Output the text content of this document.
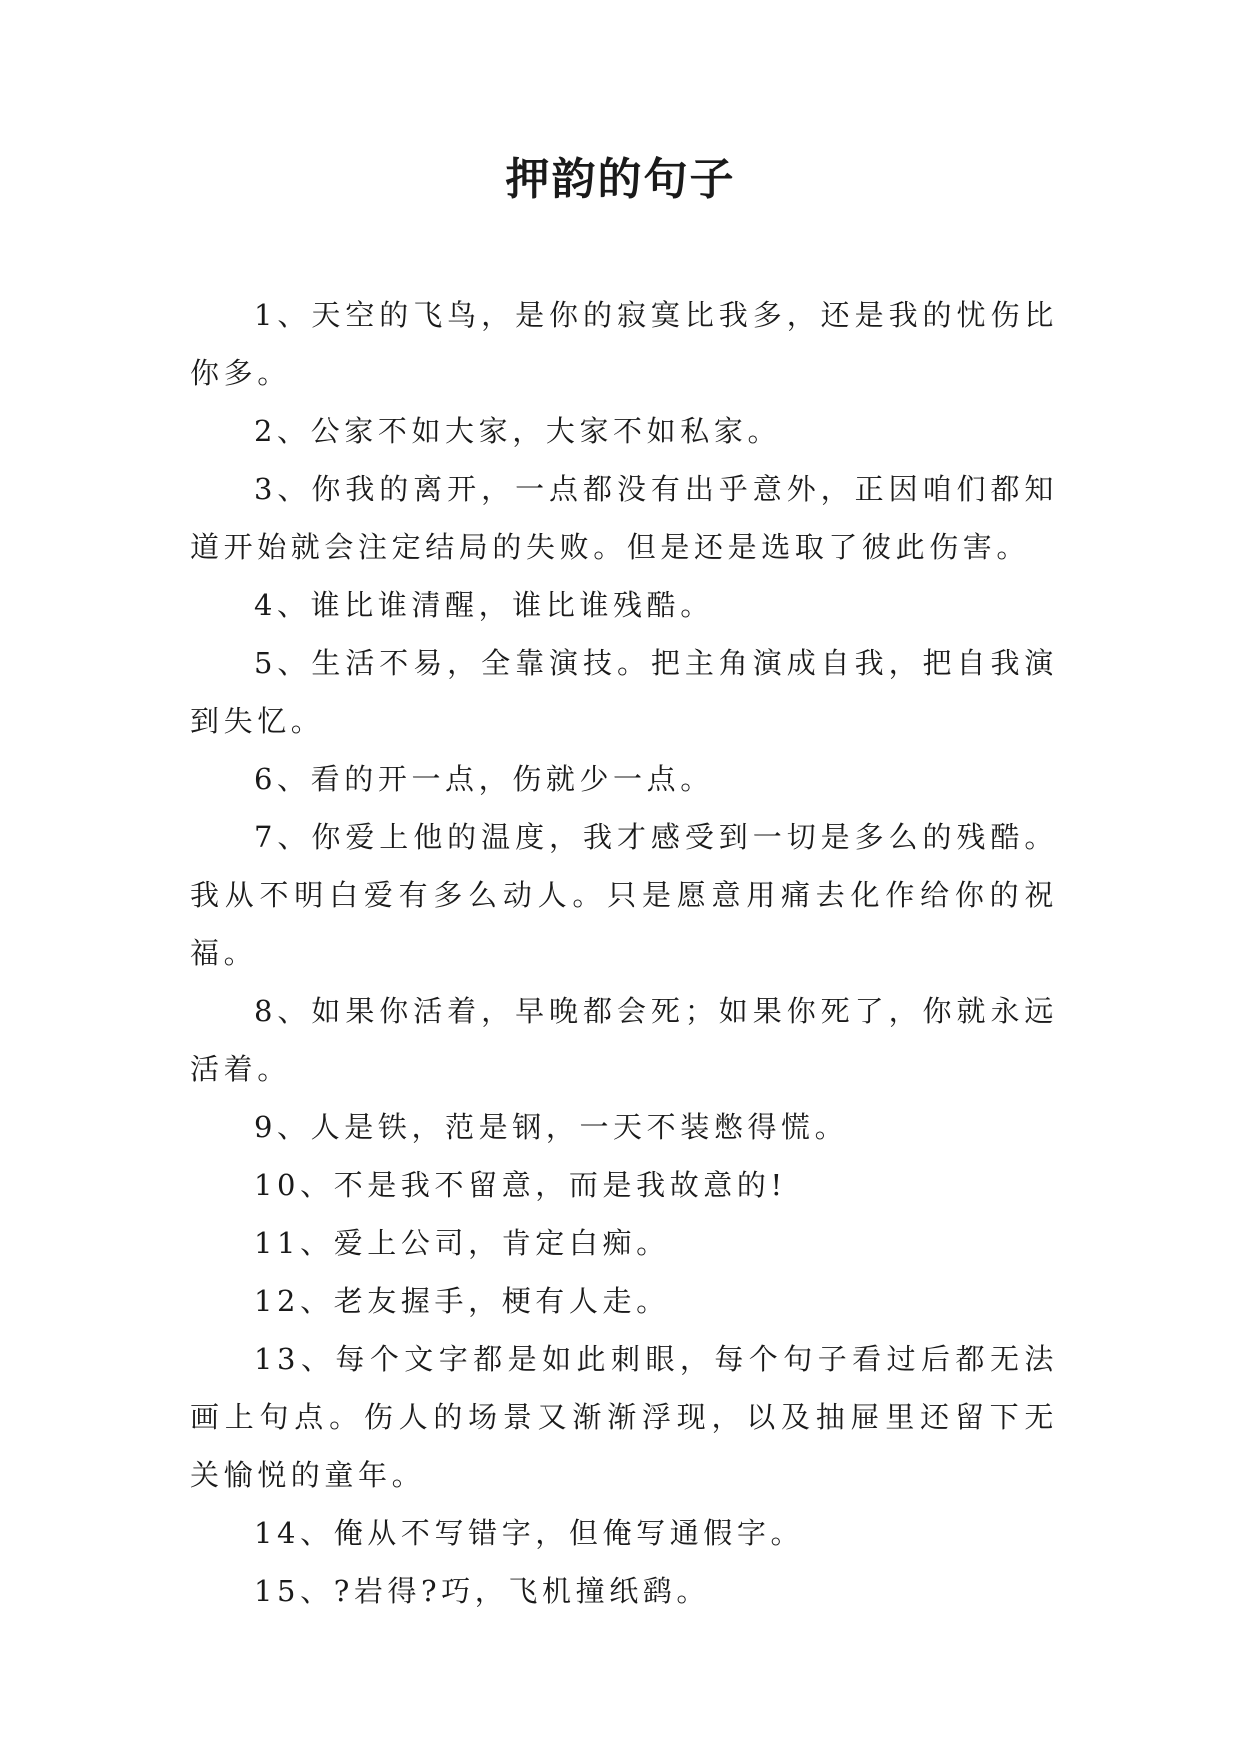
押韵的句子

1、天空的飞鸟，是你的寂寞比我多，还是我的忧伤比你多。

2、公家不如大家，大家不如私家。

3、你我的离开，一点都没有出乎意外，正因咱们都知道开始就会注定结局的失败。但是还是选取了彼此伤害。

4、谁比谁清醒，谁比谁残酷。

5、生活不易，全靠演技。把主角演成自我，把自我演到失忆。

6、看的开一点，伤就少一点。

7、你爱上他的温度，我才感受到一切是多么的残酷。我从不明白爱有多么动人。只是愿意用痛去化作给你的祝福。

8、如果你活着，早晚都会死；如果你死了，你就永远活着。

9、人是铁，范是钢，一天不装憋得慌。

10、不是我不留意，而是我故意的!

11、爱上公司，肯定白痴。

12、老友握手，梗有人走。

13、每个文字都是如此刺眼，每个句子看过后都无法画上句点。伤人的场景又渐渐浮现，以及抽屉里还留下无关愉悦的童年。

14、俺从不写错字，但俺写通假字。

15、?岩得?巧，飞机撞纸鹞。
